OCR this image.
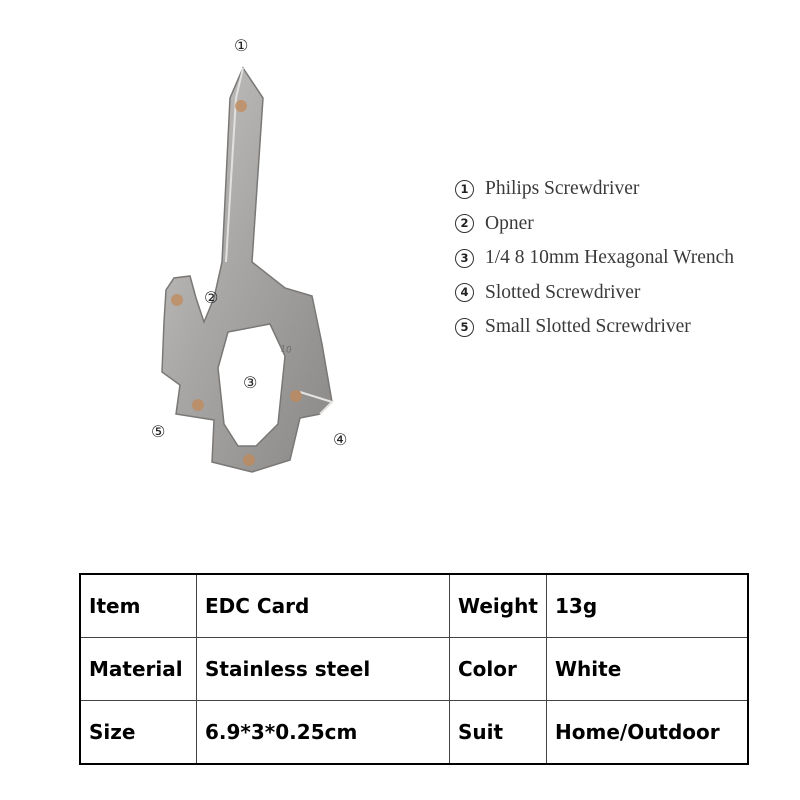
10
①
②
③
④
⑤
1 Philips Screwdriver
2 Opner
3 1/4 8 10mm Hexagonal Wrench
4 Slotted Screwdriver
5 Small Slotted Screwdriver
Item	EDC Card	Weight	13g
Material	Stainless steel	Color	White
Size	6.9*3*0.25cm	Suit	Home/Outdoor
